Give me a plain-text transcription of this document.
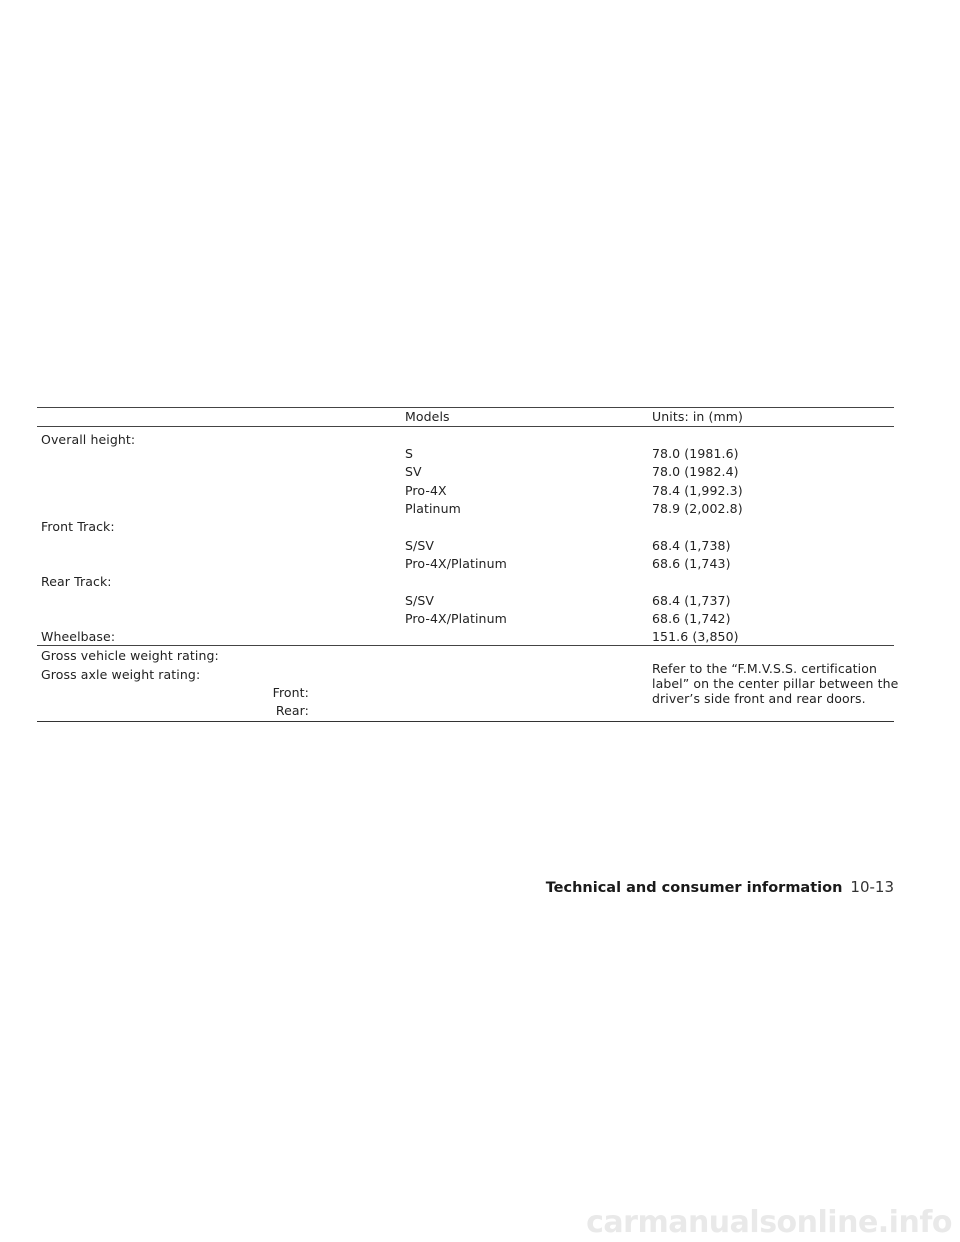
Models	Units: in (mm)
Overall height:
S	78.0 (1981.6)
SV	78.0 (1982.4)
Pro-4X	78.4 (1,992.3)
Platinum	78.9 (2,002.8)
Front Track:
S/SV	68.4 (1,738)
Pro-4X/Platinum	68.6 (1,743)
Rear Track:
S/SV	68.4 (1,737)
Pro-4X/Platinum	68.6 (1,742)
Wheelbase:	151.6 (3,850)
Gross vehicle weight rating:
Gross axle weight rating:
Front:
Rear:
Refer to the “F.M.V.S.S. certification label” on the center pillar between the driver’s side front and rear doors.
Technical and consumer information 10-13
carmanualsonline.info
